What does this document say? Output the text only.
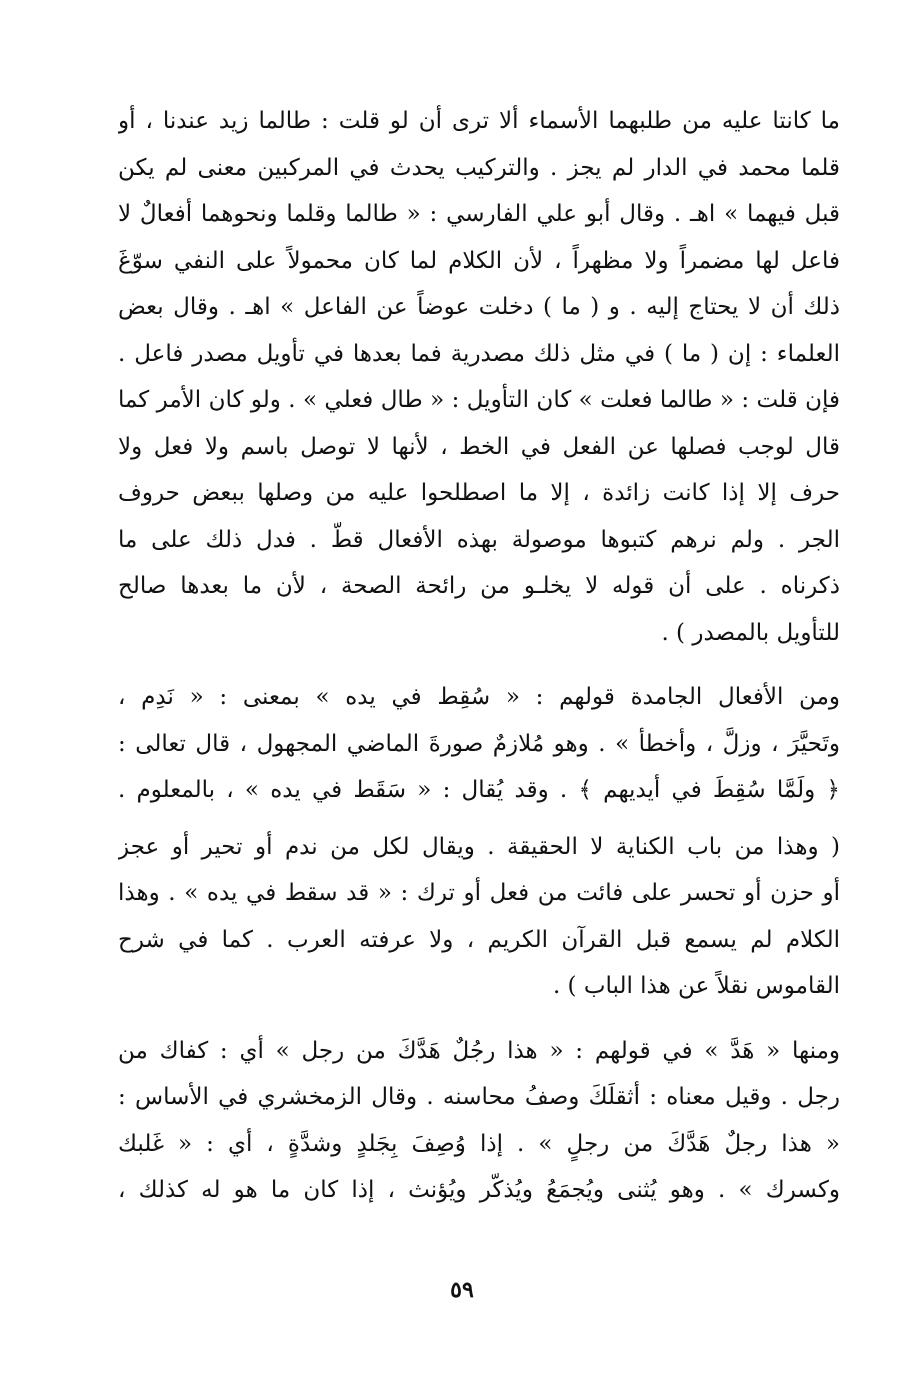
ما كانتا عليه من طلبهما الأسماء ألا ترى أن لو قلت : طالما زيد عندنا ، أو
قلما محمد في الدار لم يجز . والتركيب يحدث في المركبين معنى لم يكن
قبل فيهما » اهـ . وقال أبو علي الفارسي : « طالما وقلما ونحوهما أفعالٌ لا
فاعل لها مضمراً ولا مظهراً ، لأن الكلام لما كان محمولاً على النفي سوّغَ
ذلك أن لا يحتاج إليه . و ( ما ) دخلت عوضاً عن الفاعل » اهـ . وقال بعض
العلماء : إن ( ما ) في مثل ذلك مصدرية فما بعدها في تأويل مصدر فاعل .
فإن قلت : « طالما فعلت » كان التأويل : « طال فعلي » . ولو كان الأمر كما
قال لوجب فصلها عن الفعل في الخط ، لأنها لا توصل باسم ولا فعل ولا
حرف إلا إذا كانت زائدة ، إلا ما اصطلحوا عليه من وصلها ببعض حروف
الجر . ولم نرهم كتبوها موصولة بهذه الأفعال قطّ . فدل ذلك على ما
ذكرناه . على أن قوله لا يخلـو من رائحة الصحة ، لأن ما بعدها صالح
للتأويل بالمصدر ) .
ومن الأفعال الجامدة قولهم : « سُقِط في يده » بمعنى : « نَدِم ،
وتَحيَّرَ ، وزلَّ ، وأخطأ » . وهو مُلازمٌ صورةَ الماضي المجهول ، قال تعالى :
﴿ ولَمَّا سُقِطَ في أيديهم ﴾ . وقد يُقال : « سَقَط في يده » ، بالمعلوم .
( وهذا من باب الكناية لا الحقيقة . ويقال لكل من ندم أو تحير أو عجز
أو حزن أو تحسر على فائت من فعل أو ترك : « قد سقط في يده » . وهذا
الكلام لم يسمع قبل القرآن الكريم ، ولا عرفته العرب . كما في شرح
القاموس نقلاً عن هذا الباب ) .
ومنها « هَدَّ » في قولهم : « هذا رجُلٌ هَدَّكَ من رجل » أي : كفاك من
رجل . وقيل معناه : أثقلَكَ وصفُ محاسنه . وقال الزمخشري في الأساس :
« هذا رجلٌ هَدَّكَ من رجلٍ » . إذا وُصِفَ بِجَلدٍ وشدَّةٍ ، أي : « غَلبك
وكسرك » . وهو يُثنى ويُجمَعُ ويُذكّر ويُؤنث ، إذا كان ما هو له كذلك ،
٥٩
